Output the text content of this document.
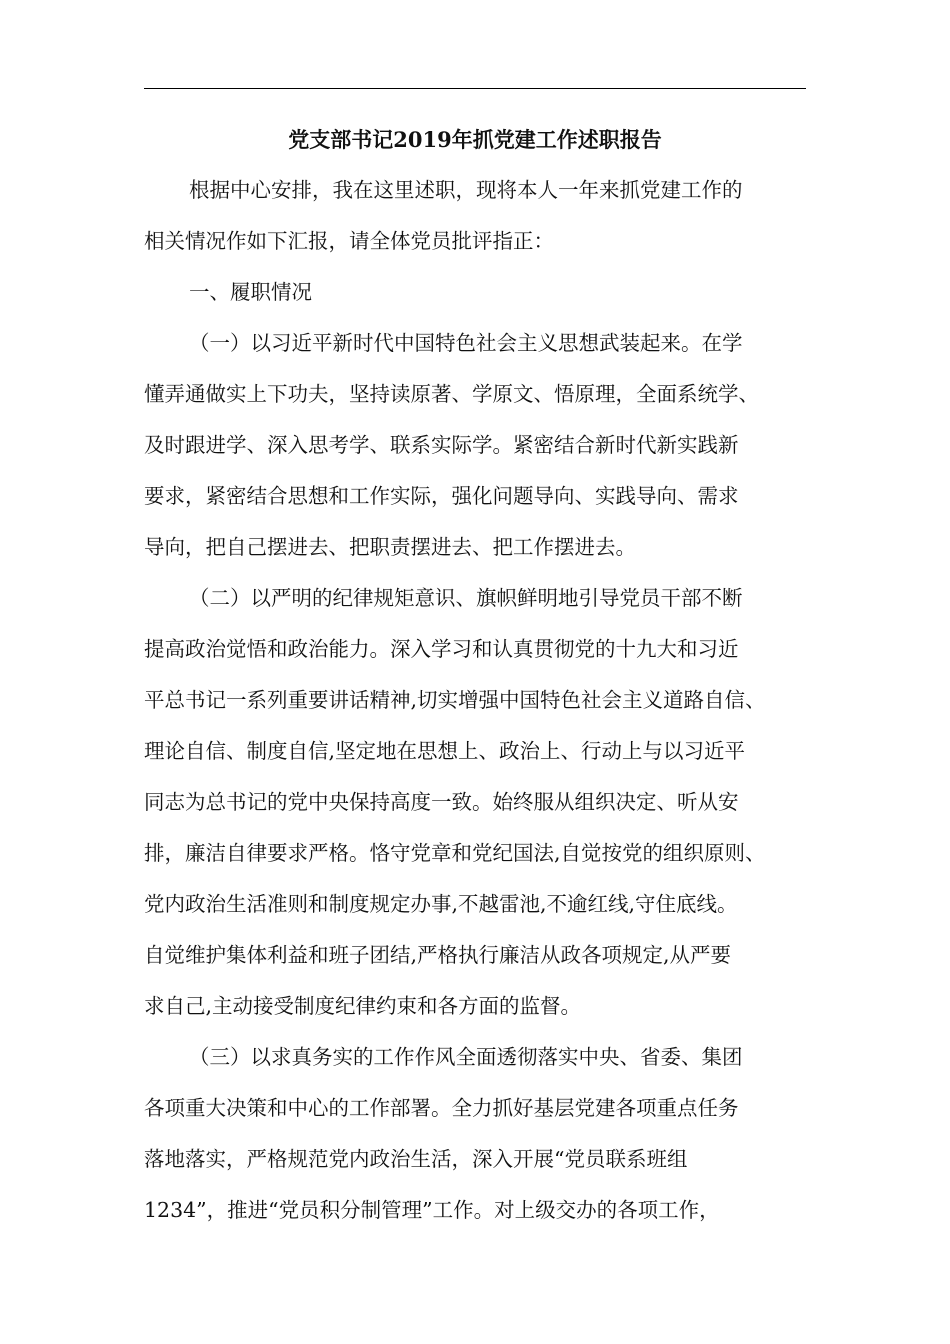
党支部书记2019年抓党建工作述职报告

根据中心安排，我在这里述职，现将本人一年来抓党建工作的

相关情况作如下汇报，请全体党员批评指正：

一、履职情况

（一）以习近平新时代中国特色社会主义思想武装起来。在学

懂弄通做实上下功夫，坚持读原著、学原文、悟原理，全面系统学、

及时跟进学、深入思考学、联系实际学。紧密结合新时代新实践新

要求，紧密结合思想和工作实际，强化问题导向、实践导向、需求

导向，把自己摆进去、把职责摆进去、把工作摆进去。

（二）以严明的纪律规矩意识、旗帜鲜明地引导党员干部不断

提高政治觉悟和政治能力。深入学习和认真贯彻党的十九大和习近

平总书记一系列重要讲话精神,切实增强中国特色社会主义道路自信、

理论自信、制度自信,坚定地在思想上、政治上、行动上与以习近平

同志为总书记的党中央保持高度一致。始终服从组织决定、听从安

排，廉洁自律要求严格。恪守党章和党纪国法,自觉按党的组织原则、

党内政治生活准则和制度规定办事,不越雷池,不逾红线,守住底线。

自觉维护集体利益和班子团结,严格执行廉洁从政各项规定,从严要

求自己,主动接受制度纪律约束和各方面的监督。

（三）以求真务实的工作作风全面透彻落实中央、省委、集团

各项重大决策和中心的工作部署。全力抓好基层党建各项重点任务

落地落实，严格规范党内政治生活，深入开展“党员联系班组

1234”，推进“党员积分制管理”工作。对上级交办的各项工作，
